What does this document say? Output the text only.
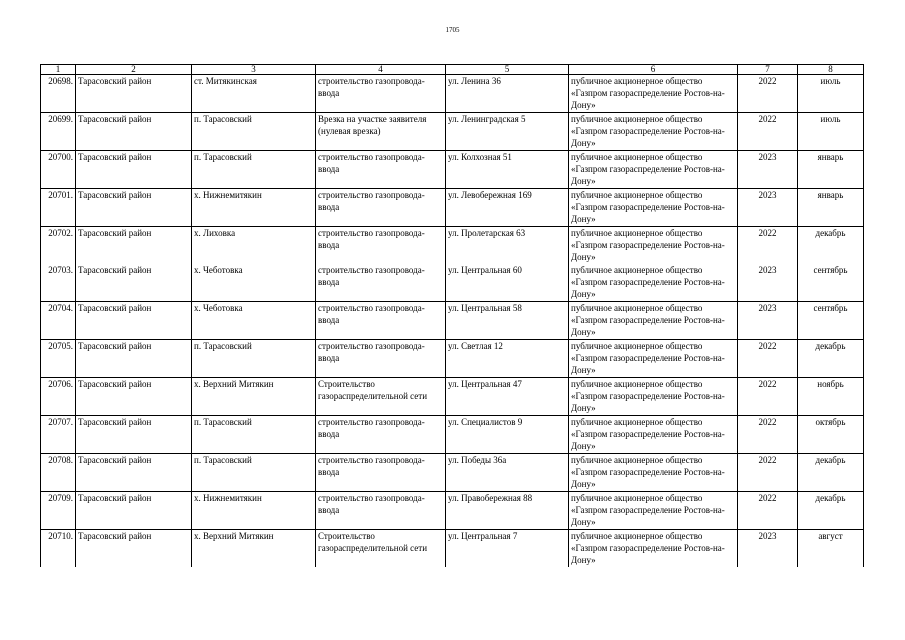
1705
1	2	3	4	5	6	7	8
20698.	Тарасовский район	ст. Митякинская	строительство газопровода-ввода	ул. Ленина 36	публичное акционерное общество «Газпром газораспределение Ростов-на-Дону»	2022	июль
20699.	Тарасовский район	п. Тарасовский	Врезка на участке заявителя (нулевая врезка)	ул. Ленинградская 5	публичное акционерное общество «Газпром газораспределение Ростов-на-Дону»	2022	июль
20700.	Тарасовский район	п. Тарасовский	строительство газопровода-ввода	ул. Колхозная 51	публичное акционерное общество «Газпром газораспределение Ростов-на-Дону»	2023	январь
20701.	Тарасовский район	х. Нижнемитякин	строительство газопровода-ввода	ул. Левобережная 169	публичное акционерное общество «Газпром газораспределение Ростов-на-Дону»	2023	январь
20702.	Тарасовский район	х. Лиховка	строительство газопровода-ввода	ул. Пролетарская 63	публичное акционерное общество «Газпром газораспределение Ростов-на-Дону»	2022	декабрь
20703.	Тарасовский район	х. Чеботовка	строительство газопровода-ввода	ул. Центральная 60	публичное акционерное общество «Газпром газораспределение Ростов-на-Дону»	2023	сентябрь
20704.	Тарасовский район	х. Чеботовка	строительство газопровода-ввода	ул. Центральная 58	публичное акционерное общество «Газпром газораспределение Ростов-на-Дону»	2023	сентябрь
20705.	Тарасовский район	п. Тарасовский	строительство газопровода-ввода	ул. Светлая 12	публичное акционерное общество «Газпром газораспределение Ростов-на-Дону»	2022	декабрь
20706.	Тарасовский район	х. Верхний Митякин	Строительство газораспределительной сети	ул. Центральная 47	публичное акционерное общество «Газпром газораспределение Ростов-на-Дону»	2022	ноябрь
20707.	Тарасовский район	п. Тарасовский	строительство газопровода-ввода	ул. Специалистов 9	публичное акционерное общество «Газпром газораспределение Ростов-на-Дону»	2022	октябрь
20708.	Тарасовский район	п. Тарасовский	строительство газопровода-ввода	ул. Победы 36а	публичное акционерное общество «Газпром газораспределение Ростов-на-Дону»	2022	декабрь
20709.	Тарасовский район	х. Нижнемитякин	строительство газопровода-ввода	ул. Правобережная 88	публичное акционерное общество «Газпром газораспределение Ростов-на-Дону»	2022	декабрь
20710.	Тарасовский район	х. Верхний Митякин	Строительство газораспределительной сети	ул. Центральная 7	публичное акционерное общество «Газпром газораспределение Ростов-на-Дону»	2023	август
